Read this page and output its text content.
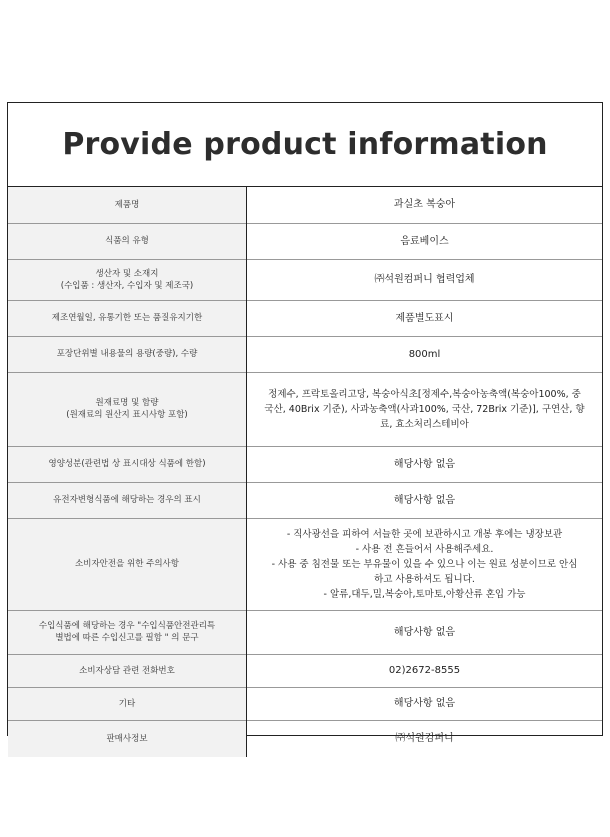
Provide product information
제품명	과실초 복숭아

식품의 유형	음료베이스

생산자 및 소재지
(수입품 : 생산자, 수입자 및 제조국)	㈜석원컴퍼니 협력업체

제조연월일, 유통기한 또는 품질유지기한	제품별도표시

포장단위별 내용물의 용량(중량), 수량	800ml

원재료명 및 함량
(원재료의 원산지 표시사항 포함)	정제수, 프락토올리고당, 복숭아식초[정제수,복숭아농축액(복숭아100%, 중
국산, 40Brix 기준), 사과농축액(사과100%, 국산, 72Brix 기준)], 구연산, 향
료, 효소처리스테비아

영양성분(관련법 상 표시대상 식품에 한함)	해당사항 없음

유전자변형식품에 해당하는 경우의 표시	해당사항 없음

소비자안전을 위한 주의사항	- 직사광선을 피하여 서늘한 곳에 보관하시고 개봉 후에는 냉장보관
- 사용 전 흔들어서 사용해주세요.
- 사용 중 침전물 또는 부유물이 있을 수 있으나 이는 원료 성분이므로 안심
하고 사용하셔도 됩니다.
- 알류,대두,밀,복숭아,토마토,아황산류 혼입 가능

수입식품에 해당하는 경우 "수입식품안전관리특
별법에 따른 수입신고를 필함 " 의 문구	해당사항 없음

소비자상담 관련 전화번호	02)2672-8555

기타	해당사항 없음

판매사정보	㈜석원컴퍼니
